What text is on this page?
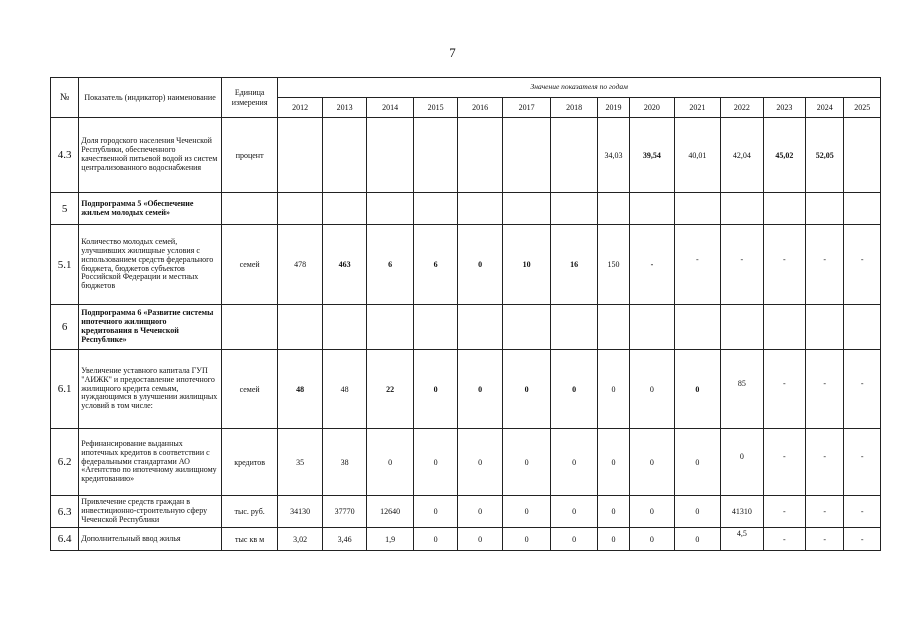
7
№	Показатель (индикатор) наименование	Единица измерения	Значение показателя по годам													
			2012	2013	2014	2015	2016	2017	2018	2019	2020	2021	2022	2023	2024	2025
4.3	Доля городского населения Чеченской Республики, обеспеченного качественной питьевой водой из систем централизованного водоснабжения	процент								34,03	39,54	40,01	42,04	45,02	52,05	
5	Подпрограмма 5 «Обеспечение жильем молодых семей»															
5.1	Количество молодых семей, улучшивших жилищные условия с использованием средств федерального бюджета, бюджетов субъектов Российской Федерации и местных бюджетов	семей	478	463	6	6	0	10	16	150	-	-	-	-	-	-
6	Подпрограмма 6 «Развитие системы ипотечного жилищного кредитования в Чеченской Республике»															
6.1	Увеличение уставного капитала ГУП "АИЖК" и предоставление ипотечного жилищного кредита семьям, нуждающимся в улучшении жилищных условий в том числе:	семей	48	48	22	0	0	0	0	0	0	0	85	-	-	-
6.2	Рефинансирование выданных ипотечных кредитов в соответствии с федеральными стандартами АО «Агентство по ипотечному жилищному кредитованию»	кредитов	35	38	0	0	0	0	0	0	0	0	0	-	-	-
6.3	Привлечение средств граждан в инвестиционно-строительную сферу Чеченской Республики	тыс. руб.	34130	37770	12640	0	0	0	0	0	0	0	41310	-	-	-
6.4	Дополнительный ввод жилья	тыс кв м	3,02	3,46	1,9	0	0	0	0	0	0	0	4,5	-	-	-
